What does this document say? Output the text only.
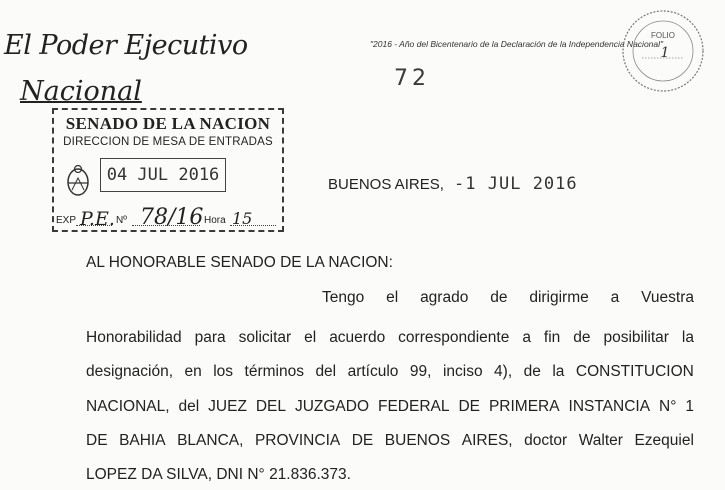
El Poder Ejecutivo
Nacional
"2016 - Año del Bicentenario de la Declaración de la Independencia Nacional"
72
FOLIO
1
SENADO DE LA NACION
DIRECCION DE MESA DE ENTRADAS
04 JUL 2016
EXP P.E. Nº 78/16 Hora 15
BUENOS AIRES, -1 JUL 2016
AL HONORABLE SENADO DE LA NACION:
Tengo el agrado de dirigirme a Vuestra
Honorabilidad para solicitar el acuerdo correspondiente a fin de posibilitar la
designación, en los términos del artículo 99, inciso 4), de la CONSTITUCION
NACIONAL, del JUEZ DEL JUZGADO FEDERAL DE PRIMERA INSTANCIA N° 1
DE BAHIA BLANCA, PROVINCIA DE BUENOS AIRES, doctor Walter Ezequiel
LOPEZ DA SILVA, DNI N° 21.836.373.
